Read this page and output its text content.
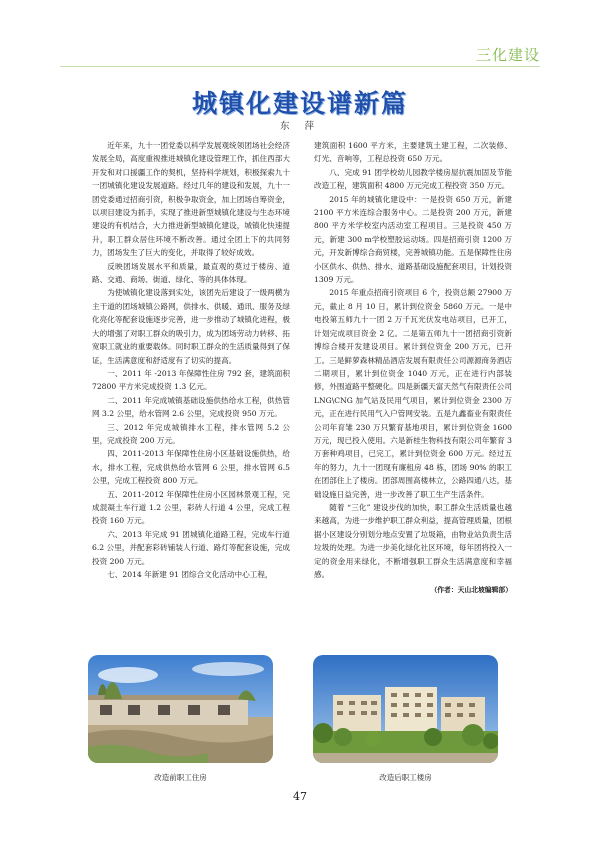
三化建设
城镇化建设谱新篇
东 萍

近年来，九十一团党委以科学发展观统领团场社会经济发展全局，高度重视推进城镇化建设管理工作，抓住西部大开发和对口援疆工作的契机，坚持科学规划，积极探索九十一团城镇化建设发展道路。经过几年的建设和发展，九十一团党委通过招商引资，积极争取资金，加上团场自筹资金，以项目建设为抓手，实现了推进新型城镇化建设与生态环境建设的有机结合，大力推进新型城镇化建设，城镇化快速提升，职工群众居住环境不断改善。通过全团上下的共同努力，团场发生了巨大的变化，并取得了较好成效。

反映团场发展水平和质量，最直观的莫过于楼房、道路、交通、商场、街道、绿化、等的具体体现。

为使城镇化建设落到实处，该团先后建设了一级两横为主干道的团场城镇公路网，供排水、供暖、通讯、服务及绿化亮化等配套设施逐步完善，进一步推动了城镇化进程，极大的增强了对职工群众的吸引力，成为团场劳动力转移、拓宽职工就业的重要载体。同时职工群众的生活质量得到了保证，生活满意度和舒适度有了切实的提高。

一、2011 年 -2013 年保障性住房 792 套，建筑面积 72800 平方米完成投资 1.3 亿元。

二、2011 年完成城镇基础设施供热给水工程，供热管网 3.2 公里，给水管网 2.6 公里，完成投资 950 万元。

三、2012 年完成城镇排水工程，排水管网 5.2 公里，完成投资 200 万元。

四、2011-2013 年保障性住房小区基础设施供热，给水，排水工程，完成供热给水管网 6 公里，排水管网 6.5 公里，完成工程投资 800 万元。

五、2011-2012 年保障性住房小区园林景观工程，完成混凝土车行道 1.2 公里，彩砖人行道 4 公里，完成工程投资 160 万元。

六、2013 年完成 91 团城镇化道路工程，完成车行道 6.2 公里，并配套彩砖铺装人行道、路灯等配套设施，完成投资 200 万元。

七、2014 年新建 91 团综合文化活动中心工程，

建筑面积 1600 平方米，主要建筑土建工程，二次装修、灯光、音响等，工程总投资 650 万元。

八、完成 91 团学校幼儿园教学楼房屋抗震加固及节能改造工程，建筑面积 4800 万元完成工程投资 350 万元。

2015 年的城镇化建设中：一是投资 650 万元，新建 2100 平方米连综合服务中心。二是投资 200 万元，新建 800 平方米学校室内活动室工程项目。三是投资 450 万元，新建 300 m学校塑胶运动场。四是招商引资 1200 万元，开发新博综合商贸楼，完善城镇功能。五是保障性住房小区供水、供热、排水、道路基础设施配套项目，计划投资 1309 万元。

2015 年重点招商引资项目 6 个，投资总额 27900 万元，截止 8 月 10 日，累计到位资金 5860 万元。一是中电投第五师九十一团 2 万千瓦光伏发电站项目，已开工，计划完成项目资金 2 亿。二是第五师九十一团招商引资新博综合楼开发建设项目。累计到位资金 200 万元，已开工。三是鲜萝森林精品酒店发展有限责任公司源源商务酒店二期项目，累计到位资金 1040 万元，正在进行内部装修，外围道路平整硬化。四是新疆天富天然气有限责任公司 LNG\CNG 加气站及民用气项目，累计到位资金 2300 万元，正在进行民用气入户管网安装。五是九鑫畜业有限责任公司年育雏 230 万只繁育基地项目，累计到位资金 1600 万元，现已投入使用。六是新桂生物科技有限公司年繁育 3 万套种鸡项目，已完工，累计到位资金 600 万元。经过五年的努力，九十一团现有廉租房 48 栋，团场 90% 的职工在团部住上了楼房。团部周围高楼林立，公路四通八达，基础设施日益完善，进一步改善了职工生产生活条件。

随着 “三化” 建设步伐的加快，职工群众生活质量也越来越高，为进一步维护职工群众利益，提高管理质量，团根据小区建设分别划分地点安置了垃圾箱，由物业站负责生活垃圾的处理。为进一步美化绿化社区环境，每年团将投入一定的资金用来绿化，不断增强职工群众生活满意度和幸福感。

（作者：天山北坡编辑部）

改造前职工住房	改造后职工楼房
47
